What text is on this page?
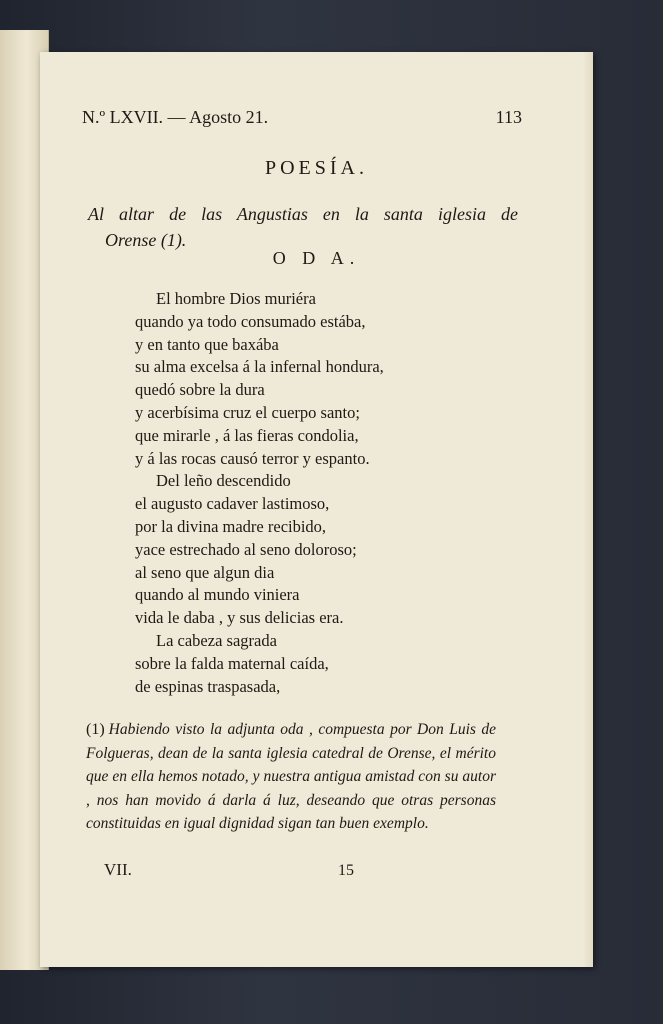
N.º LXVII. — Agosto 21.	113
POESÍA.
Al altar de las Angustias en la santa iglesia de
Orense (1).
O D A.
El hombre Dios muriéra
quando ya todo consumado estába,
y en tanto que baxába
su alma excelsa á la infernal hondura,
quedó sobre la dura
y acerbísima cruz el cuerpo santo;
que mirarle , á las fieras condolia,
y á las rocas causó terror y espanto.
Del leño descendido
el augusto cadaver lastimoso,
por la divina madre recibido,
yace estrechado al seno doloroso;
al seno que algun dia
quando al mundo viniera
vida le daba , y sus delicias era.
La cabeza sagrada
sobre la falda maternal caída,
de espinas traspasada,
(1) Habiendo visto la adjunta oda , compuesta por Don Luis de Folgueras, dean de la santa iglesia catedral de Orense, el mérito que en ella hemos notado, y nuestra antigua amistad con su autor , nos han movido á darla á luz, deseando que otras personas constituidas en igual dignidad sigan tan buen exemplo.
VII.	15
